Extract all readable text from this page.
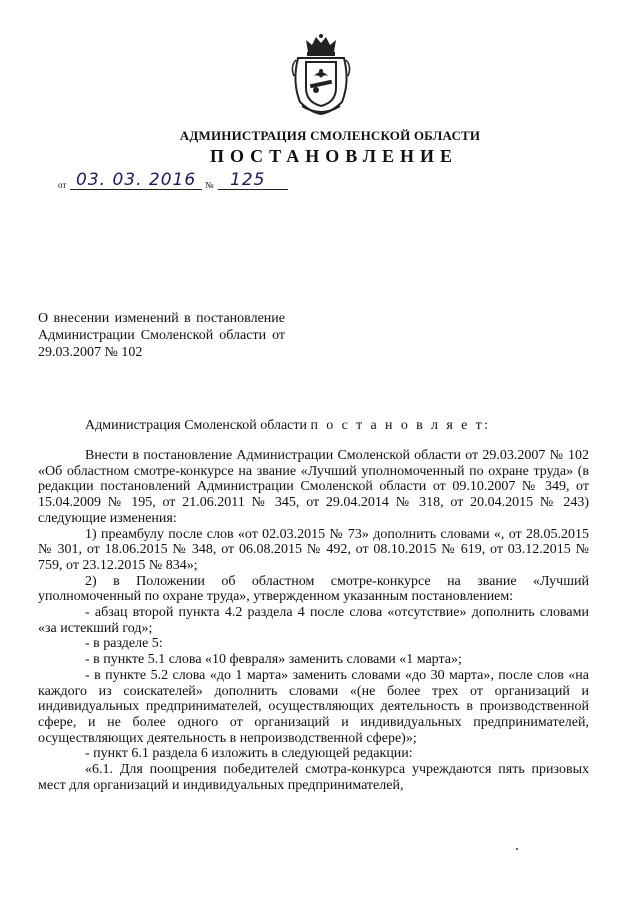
АДМИНИСТРАЦИЯ СМОЛЕНСКОЙ ОБЛАСТИ
ПОСТАНОВЛЕНИЕ
от 03. 03. 2016 № 125
О внесении изменений в постановление Администрации Смоленской области от 29.03.2007 № 102
Администрация Смоленской области п о с т а н о в л я е т:

Внести в постановление Администрации Смоленской области от 29.03.2007 № 102 «Об областном смотре-конкурсе на звание «Лучший уполномоченный по охране труда» (в редакции постановлений Администрации Смоленской области от 09.10.2007 № 349, от 15.04.2009 № 195, от 21.06.2011 № 345, от 29.04.2014 № 318, от 20.04.2015 № 243) следующие изменения:

1) преамбулу после слов «от 02.03.2015 № 73» дополнить словами «, от 28.05.2015 № 301, от 18.06.2015 № 348, от 06.08.2015 № 492, от 08.10.2015 № 619, от 03.12.2015 № 759, от 23.12.2015 № 834»;

2) в Положении об областном смотре-конкурсе на звание «Лучший уполномоченный по охране труда», утвержденном указанным постановлением:

- абзац второй пункта 4.2 раздела 4 после слова «отсутствие» дополнить словами «за истекший год»;

- в разделе 5:

- в пункте 5.1 слова «10 февраля» заменить словами «1 марта»;

- в пункте 5.2 слова «до 1 марта» заменить словами «до 30 марта», после слов «на каждого из соискателей» дополнить словами «(не более трех от организаций и индивидуальных предпринимателей, осуществляющих деятельность в производственной сфере, и не более одного от организаций и индивидуальных предпринимателей, осуществляющих деятельность в непроизводственной сфере)»;

- пункт 6.1 раздела 6 изложить в следующей редакции:

«6.1. Для поощрения победителей смотра-конкурса учреждаются пять призовых мест для организаций и индивидуальных предпринимателей,
